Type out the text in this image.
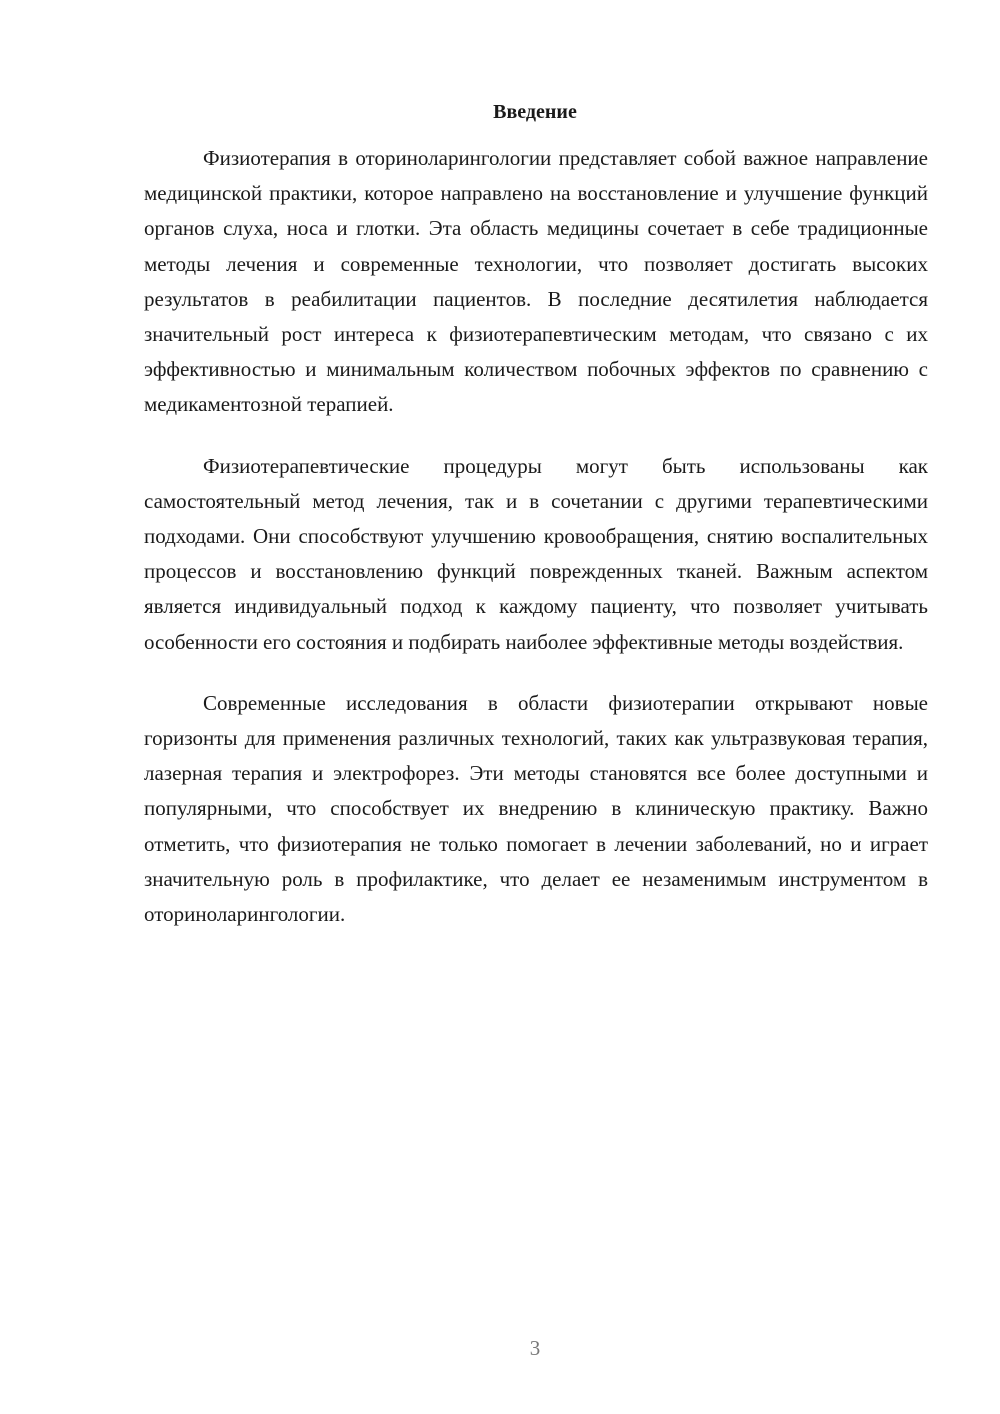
Введение

Физиотерапия в оториноларингологии представляет собой важное направление медицинской практики, которое направлено на восстановление и улучшение функций органов слуха, носа и глотки. Эта область медицины сочетает в себе традиционные методы лечения и современные технологии, что позволяет достигать высоких результатов в реабилитации пациентов. В последние десятилетия наблюдается значительный рост интереса к физиотерапевтическим методам, что связано с их эффективностью и минимальным количеством побочных эффектов по сравнению с медикаментозной терапией.

Физиотерапевтические процедуры могут быть использованы как самостоятельный метод лечения, так и в сочетании с другими терапевтическими подходами. Они способствуют улучшению кровообращения, снятию воспалительных процессов и восстановлению функций поврежденных тканей. Важным аспектом является индивидуальный подход к каждому пациенту, что позволяет учитывать особенности его состояния и подбирать наиболее эффективные методы воздействия.

Современные исследования в области физиотерапии открывают новые горизонты для применения различных технологий, таких как ультразвуковая терапия, лазерная терапия и электрофорез. Эти методы становятся все более доступными и популярными, что способствует их внедрению в клиническую практику. Важно отметить, что физиотерапия не только помогает в лечении заболеваний, но и играет значительную роль в профилактике, что делает ее незаменимым инструментом в оториноларингологии.

3
